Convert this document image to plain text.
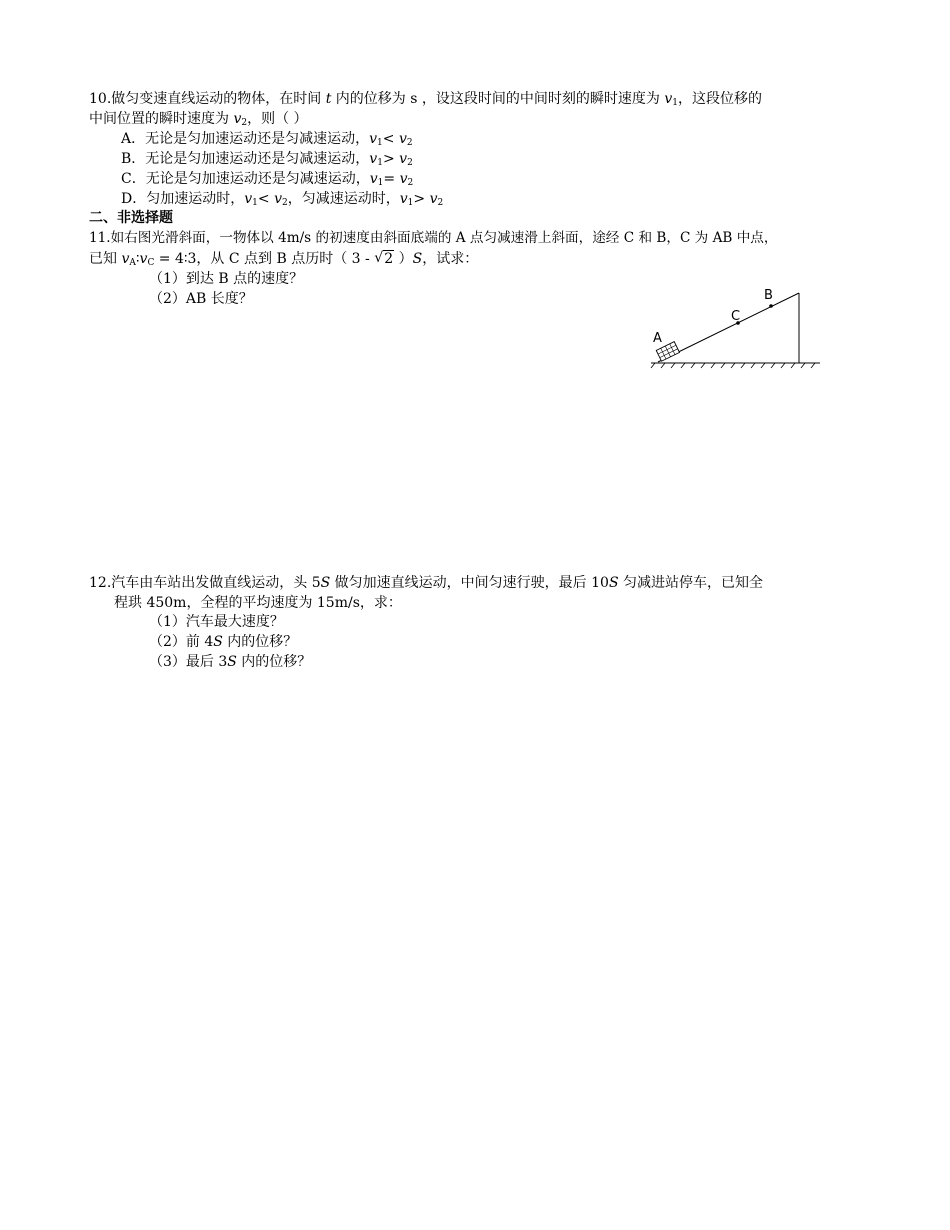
10.做匀变速直线运动的物体，在时间 t 内的位移为 s ，设这段时间的中间时刻的瞬时速度为 $v_1$，这段位移的
中间位置的瞬时速度为 $v_2$，则（ ）
A．无论是匀加速运动还是匀减速运动，$v_1< v_2$
B．无论是匀加速运动还是匀减速运动，$v_1> v_2$
C．无论是匀加速运动还是匀减速运动，$v_1= v_2$
D．匀加速运动时，$v_1< v_2$，匀减速运动时，$v_1> v_2$
二、非选择题
11.如右图光滑斜面，一物体以 4m/s 的初速度由斜面底端的 A 点匀减速滑上斜面，途经 C 和 B，C 为 AB 中点，
已知 $v_A∶v_C$ = 4∶3，从 C 点到 B 点历时（ 3 - √ 2 ）S，试求：
（1）到达 B 点的速度？
（2）AB 长度？
A
C
B
12.汽车由车站出发做直线运动，头 5S 做匀加速直线运动，中间匀速行驶，最后 10S 匀减进站停车，已知全
程珙 450m，全程的平均速度为 15m/s，求：
（1）汽车最大速度？
（2）前 4S 内的位移？
（3）最后 3S 内的位移？
